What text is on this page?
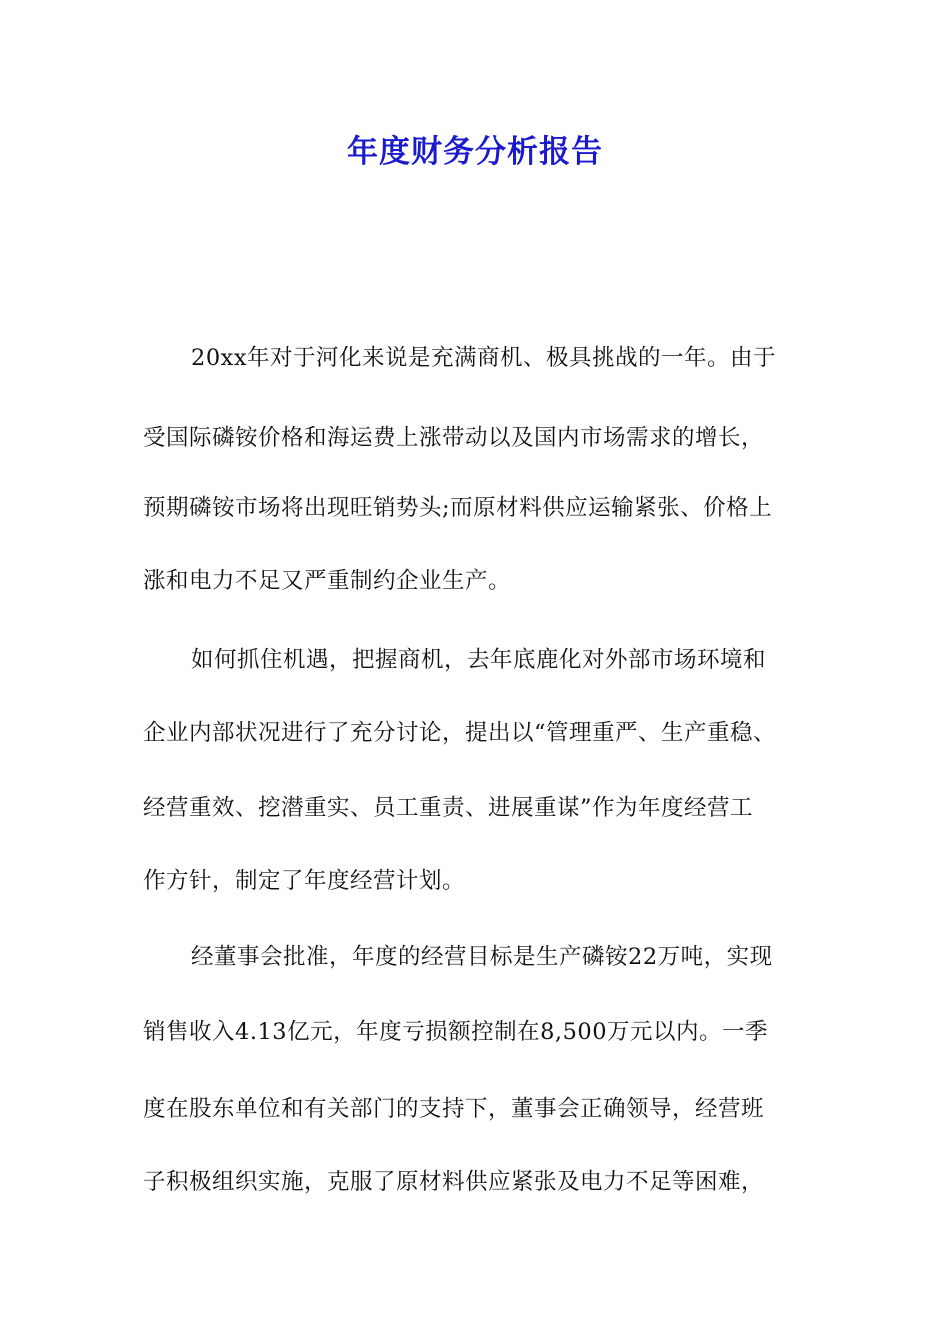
年度财务分析报告
20xx年对于河化来说是充满商机、极具挑战的一年。由于
受国际磷铵价格和海运费上涨带动以及国内市场需求的增长，
预期磷铵市场将出现旺销势头;而原材料供应运输紧张、价格上
涨和电力不足又严重制约企业生产。
如何抓住机遇，把握商机，去年底鹿化对外部市场环境和
企业内部状况进行了充分讨论，提出以“管理重严、生产重稳、
经营重效、挖潜重实、员工重责、进展重谋”作为年度经营工
作方针，制定了年度经营计划。
经董事会批准，年度的经营目标是生产磷铵22万吨，实现
销售收入4.13亿元，年度亏损额控制在8,500万元以内。一季
度在股东单位和有关部门的支持下，董事会正确领导，经营班
子积极组织实施，克服了原材料供应紧张及电力不足等困难，
